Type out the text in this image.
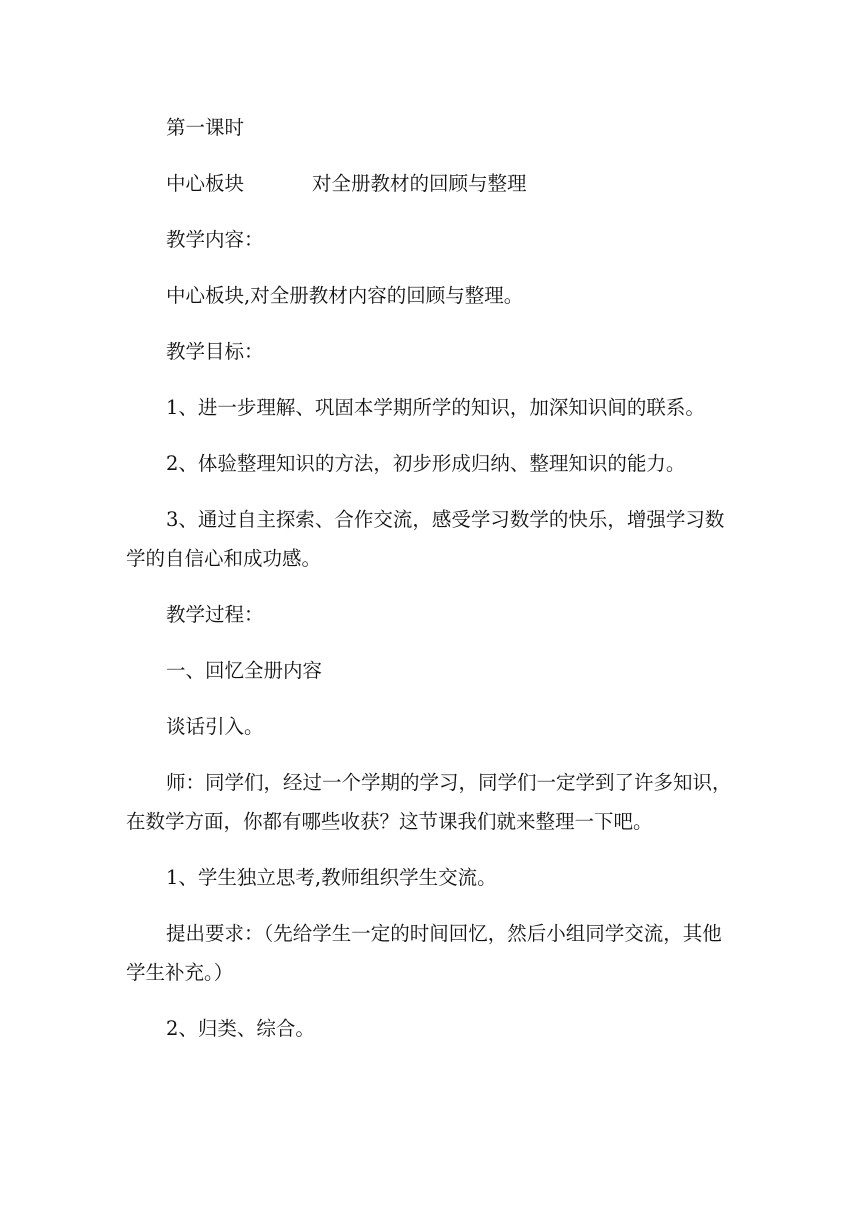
第一课时

中心板块	对全册教材的回顾与整理

教学内容：

中心板块,对全册教材内容的回顾与整理。

教学目标：

1、进一步理解、巩固本学期所学的知识，加深知识间的联系。

2、体验整理知识的方法，初步形成归纳、整理知识的能力。

3、通过自主探索、合作交流，感受学习数学的快乐，增强学习数学的自信心和成功感。

教学过程：

一、回忆全册内容

谈话引入。

师：同学们，经过一个学期的学习，同学们一定学到了许多知识，在数学方面，你都有哪些收获？这节课我们就来整理一下吧。

1、学生独立思考,教师组织学生交流。

提出要求：（先给学生一定的时间回忆，然后小组同学交流，其他学生补充。）

2、归类、综合。
